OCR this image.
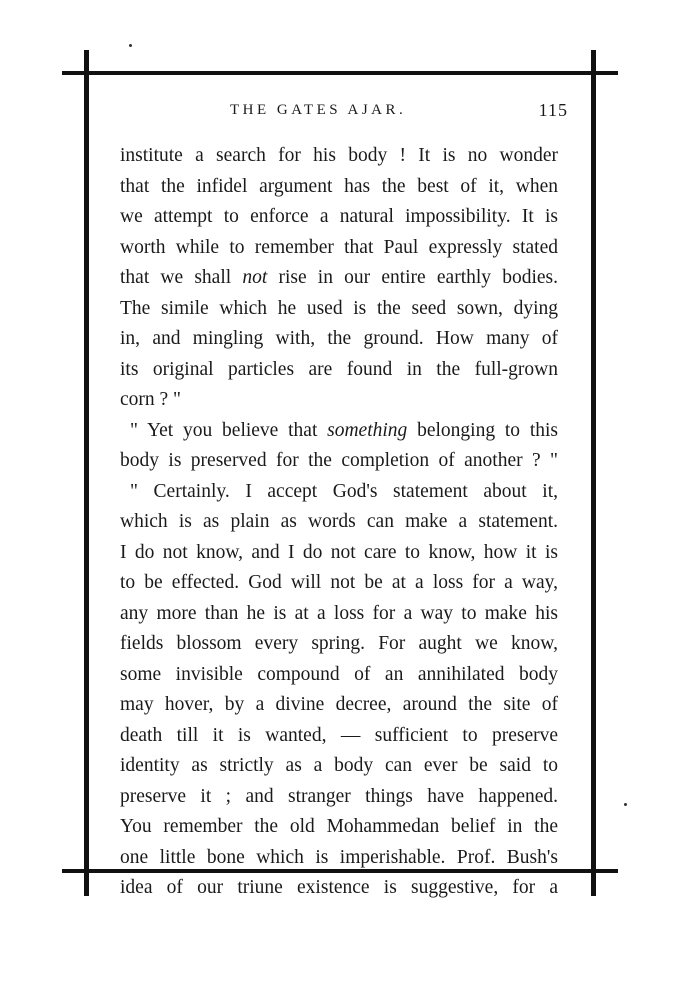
THE GATES AJAR.	115
institute a search for his body ! It is no wonder
that the infidel argument has the best of it, when
we attempt to enforce a natural impossibility. It is
worth while to remember that Paul expressly stated
that we shall not rise in our entire earthly bodies.
The simile which he used is the seed sown, dying
in, and mingling with, the ground. How many of
its original particles are found in the full-grown
corn ? "
" Yet you believe that something belonging to this
body is preserved for the completion of another ? "
" Certainly. I accept God's statement about it,
which is as plain as words can make a statement.
I do not know, and I do not care to know, how it is
to be effected. God will not be at a loss for a way,
any more than he is at a loss for a way to make his
fields blossom every spring. For aught we know,
some invisible compound of an annihilated body
may hover, by a divine decree, around the site of
death till it is wanted, — sufficient to preserve
identity as strictly as a body can ever be said to
preserve it ; and stranger things have happened.
You remember the old Mohammedan belief in the
one little bone which is imperishable. Prof. Bush's
idea of our triune existence is suggestive, for a
